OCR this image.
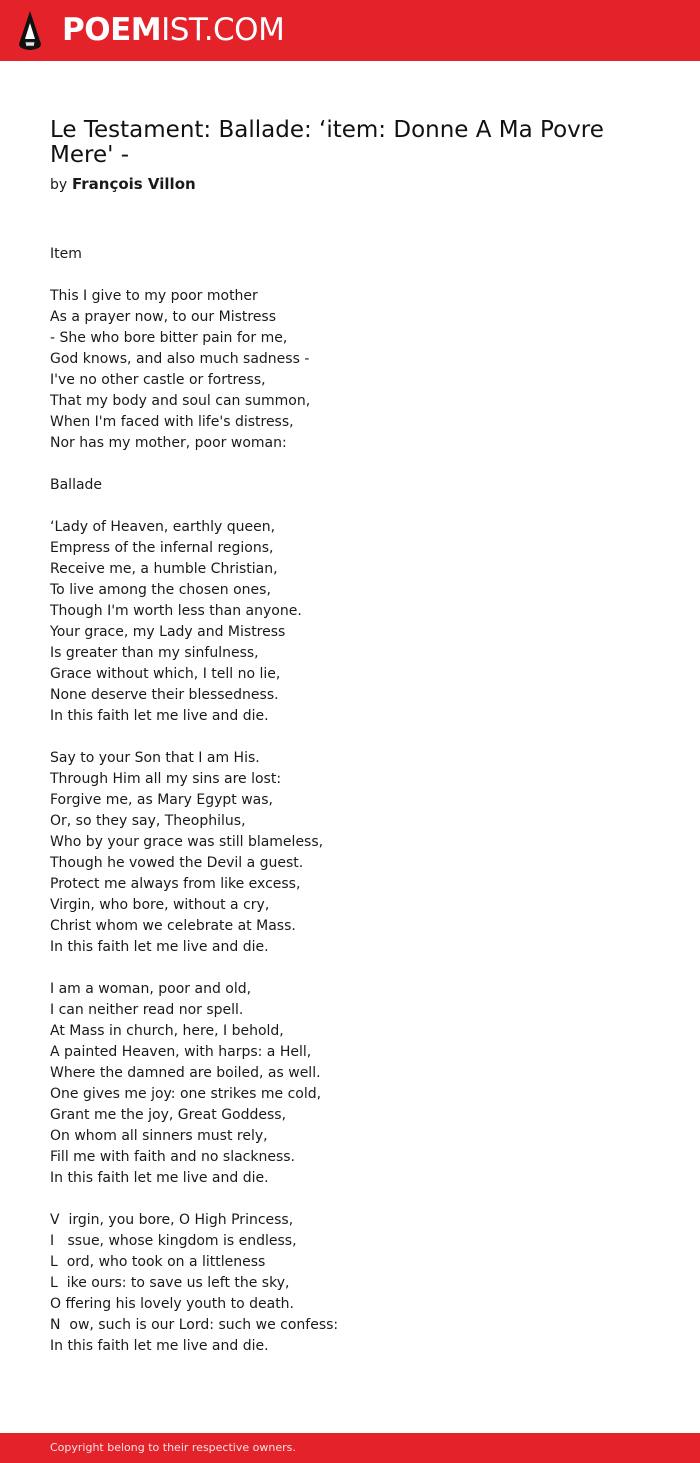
POEMIST.COM
Le Testament: Ballade: ‘item: Donne A Ma Povre Mere' -
by François Villon
Item
This I give to my poor mother
As a prayer now, to our Mistress
- She who bore bitter pain for me,
God knows, and also much sadness -
I've no other castle or fortress,
That my body and soul can summon,
When I'm faced with life's distress,
Nor has my mother, poor woman:
Ballade
‘Lady of Heaven, earthly queen,
Empress of the infernal regions,
Receive me, a humble Christian,
To live among the chosen ones,
Though I'm worth less than anyone.
Your grace, my Lady and Mistress
Is greater than my sinfulness,
Grace without which, I tell no lie,
None deserve their blessedness.
In this faith let me live and die.
Say to your Son that I am His.
Through Him all my sins are lost:
Forgive me, as Mary Egypt was,
Or, so they say, Theophilus,
Who by your grace was still blameless,
Though he vowed the Devil a guest.
Protect me always from like excess,
Virgin, who bore, without a cry,
Christ whom we celebrate at Mass.
In this faith let me live and die.
I am a woman, poor and old,
I can neither read nor spell.
At Mass in church, here, I behold,
A painted Heaven, with harps: a Hell,
Where the damned are boiled, as well.
One gives me joy: one strikes me cold,
Grant me the joy, Great Goddess,
On whom all sinners must rely,
Fill me with faith and no slackness.
In this faith let me live and die.
V  irgin, you bore, O High Princess,
I   ssue, whose kingdom is endless,
L  ord, who took on a littleness
L  ike ours: to save us left the sky,
O ffering his lovely youth to death.
N  ow, such is our Lord: such we confess:
In this faith let me live and die.
Copyright belong to their respective owners.
